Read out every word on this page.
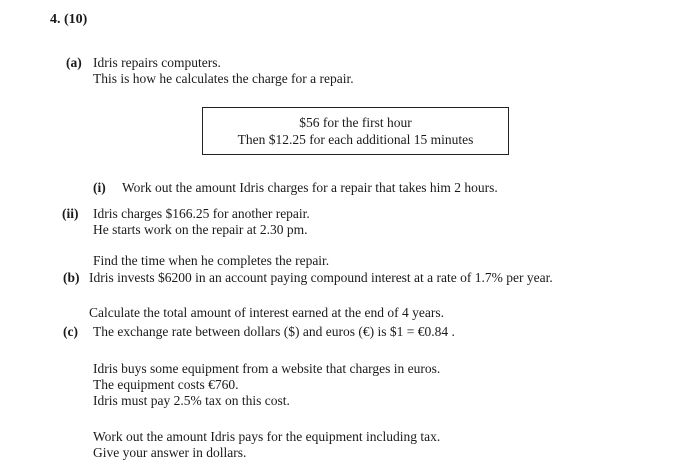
4. (10)
(a) Idris repairs computers.
This is how he calculates the charge for a repair.
$56 for the first hour
Then $12.25 for each additional 15 minutes
(i) Work out the amount Idris charges for a repair that takes him 2 hours.
(ii) Idris charges $166.25 for another repair.
He starts work on the repair at 2.30 pm.
Find the time when he completes the repair.
(b) Idris invests $6200 in an account paying compound interest at a rate of 1.7% per year.
Calculate the total amount of interest earned at the end of 4 years.
(c) The exchange rate between dollars ($) and euros (€) is $1 = €0.84 .
Idris buys some equipment from a website that charges in euros.
The equipment costs €760.
Idris must pay 2.5% tax on this cost.
Work out the amount Idris pays for the equipment including tax.
Give your answer in dollars.
